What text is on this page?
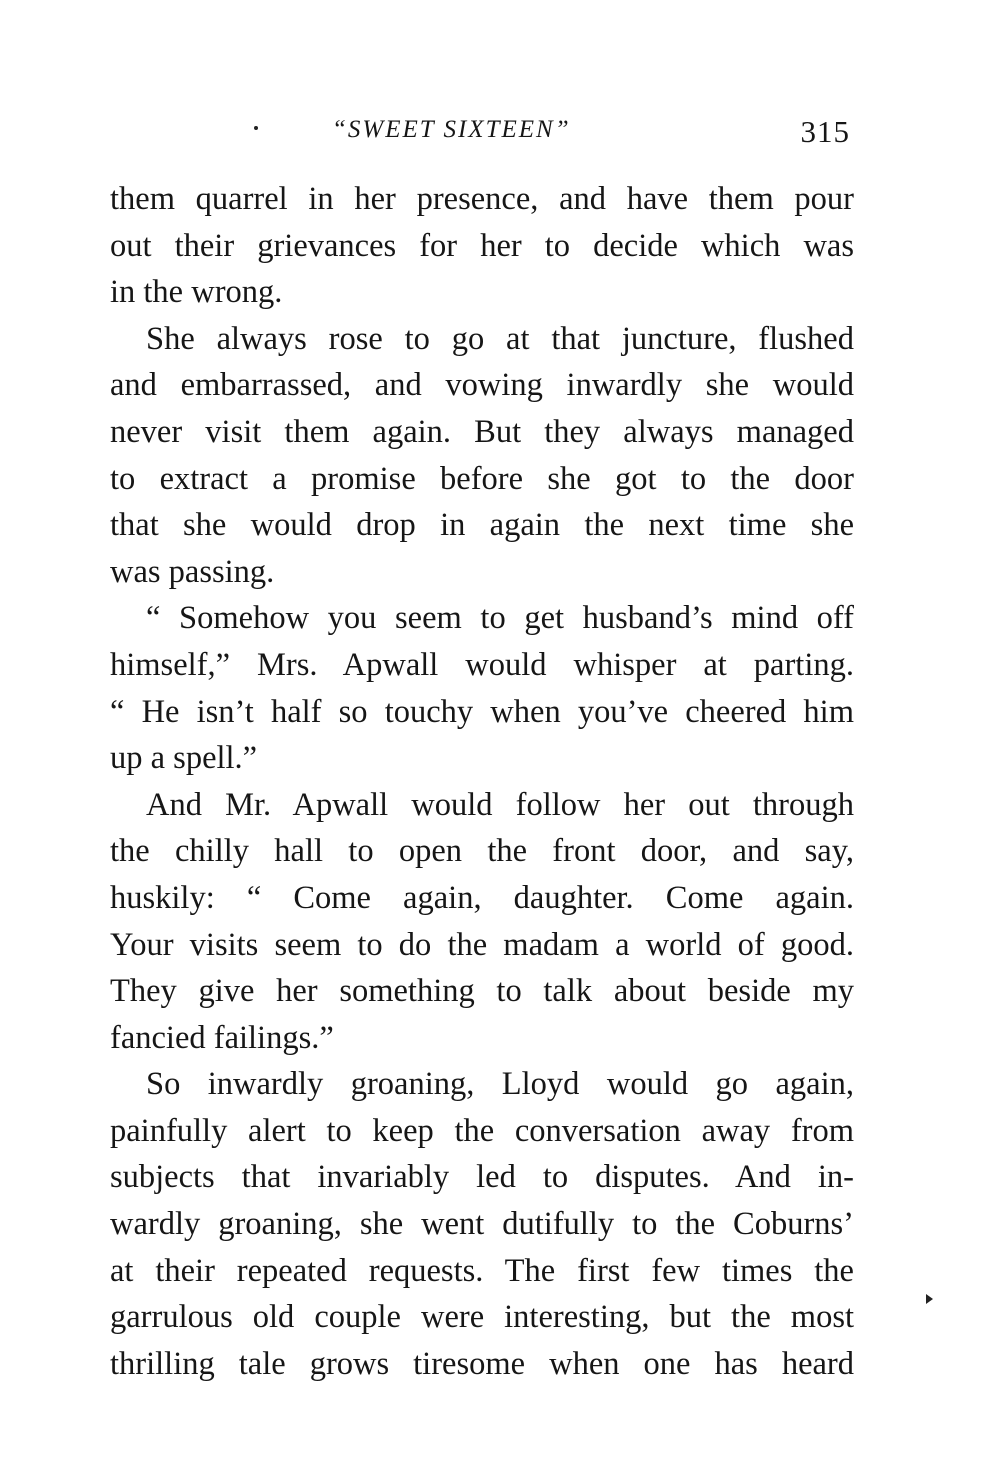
“SWEET SIXTEEN”	315
them quarrel in her presence, and have them pour
out their grievances for her to decide which was
in the wrong.
She always rose to go at that juncture, flushed
and embarrassed, and vowing inwardly she would
never visit them again. But they always managed
to extract a promise before she got to the door
that she would drop in again the next time she
was passing.
“ Somehow you seem to get husband’s mind off
himself,” Mrs. Apwall would whisper at parting.
“ He isn’t half so touchy when you’ve cheered him
up a spell.”
And Mr. Apwall would follow her out through
the chilly hall to open the front door, and say,
huskily: “ Come again, daughter. Come again.
Your visits seem to do the madam a world of good.
They give her something to talk about beside my
fancied failings.”
So inwardly groaning, Lloyd would go again,
painfully alert to keep the conversation away from
subjects that invariably led to disputes. And in-
wardly groaning, she went dutifully to the Coburns’
at their repeated requests. The first few times the
garrulous old couple were interesting, but the most
thrilling tale grows tiresome when one has heard
